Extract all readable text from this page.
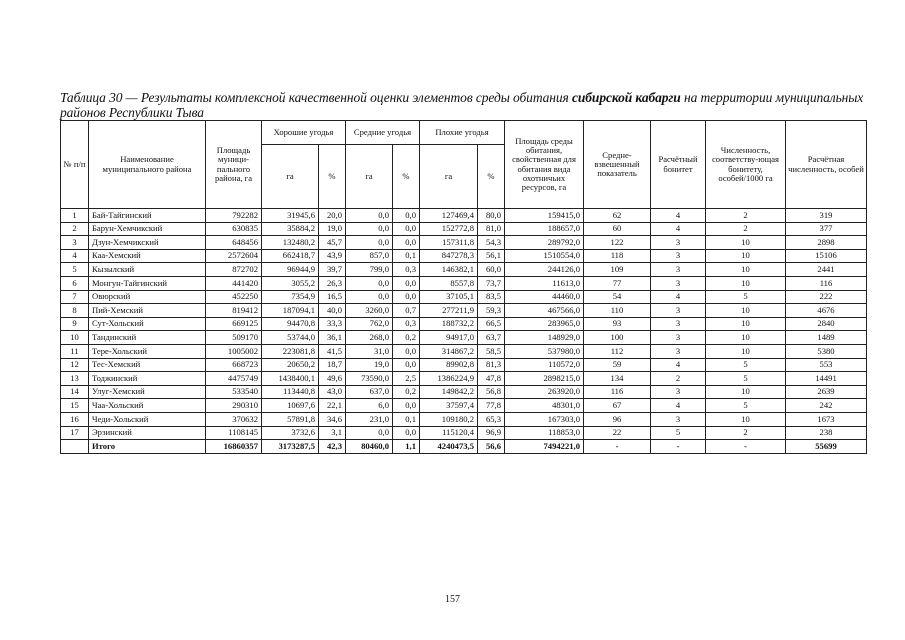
Таблица 30 — Результаты комплексной качественной оценки элементов среды обитания сибирской кабарги на территории муниципальных районов Республики Тыва
№ п/п	Наименование муниципального района	Площадь муници-пального района, га	Хорошие угодья		Средние угодья		Плохие угодья		Площадь среды обитания, свойственная для обитания вида охотничьих ресурсов, га	Средне-взвешенный показатель	Расчётный бонитет	Численность, соответству-ющая бонитету, особей/1000 га	Расчётная численность, особей
			га	%	га	%	га	%					
1	Бай-Тайгинский	792282	31945,6	20,0	0,0	0,0	127469,4	80,0	159415,0	62	4	2	319
2	Барун-Хемчикский	630835	35884,2	19,0	0,0	0,0	152772,8	81,0	188657,0	60	4	2	377
3	Дзун-Хемчикский	648456	132480,2	45,7	0,0	0,0	157311,8	54,3	289792,0	122	3	10	2898
4	Каа-Хемский	2572604	662418,7	43,9	857,0	0,1	847278,3	56,1	1510554,0	118	3	10	15106
5	Кызылский	872702	96944,9	39,7	799,0	0,3	146382,1	60,0	244126,0	109	3	10	2441
6	Монгун-Тайгинский	441420	3055,2	26,3	0,0	0,0	8557,8	73,7	11613,0	77	3	10	116
7	Овюрский	452250	7354,9	16,5	0,0	0,0	37105,1	83,5	44460,0	54	4	5	222
8	Пий-Хемский	819412	187094,1	40,0	3260,0	0,7	277211,9	59,3	467566,0	110	3	10	4676
9	Сут-Хольский	669125	94470,8	33,3	762,0	0,3	188732,2	66,5	283965,0	93	3	10	2840
10	Тандинский	509170	53744,0	36,1	268,0	0,2	94917,0	63,7	148929,0	100	3	10	1489
11	Тере-Хольский	1005002	223081,8	41,5	31,0	0,0	314867,2	58,5	537980,0	112	3	10	5380
12	Тес-Хемский	668723	20650,2	18,7	19,0	0,0	89902,8	81,3	110572,0	59	4	5	553
13	Тоджинский	4475749	1438400,1	49,6	73590,0	2,5	1386224,9	47,8	2898215,0	134	2	5	14491
14	Улуг-Хемский	533540	113440,8	43,0	637,0	0,2	149842,2	56,8	263920,0	116	3	10	2639
15	Чаа-Хольский	290310	10697,6	22,1	6,0	0,0	37597,4	77,8	48301,0	67	4	5	242
16	Чеди-Хольский	370632	57891,8	34,6	231,0	0,1	109180,2	65,3	167303,0	96	3	10	1673
17	Эрзинский	1108145	3732,6	3,1	0,0	0,0	115120,4	96,9	118853,0	22	5	2	238
	Итого	16860357	3173287,5	42,3	80460,0	1,1	4240473,5	56,6	7494221,0	-	-	-	55699
157
